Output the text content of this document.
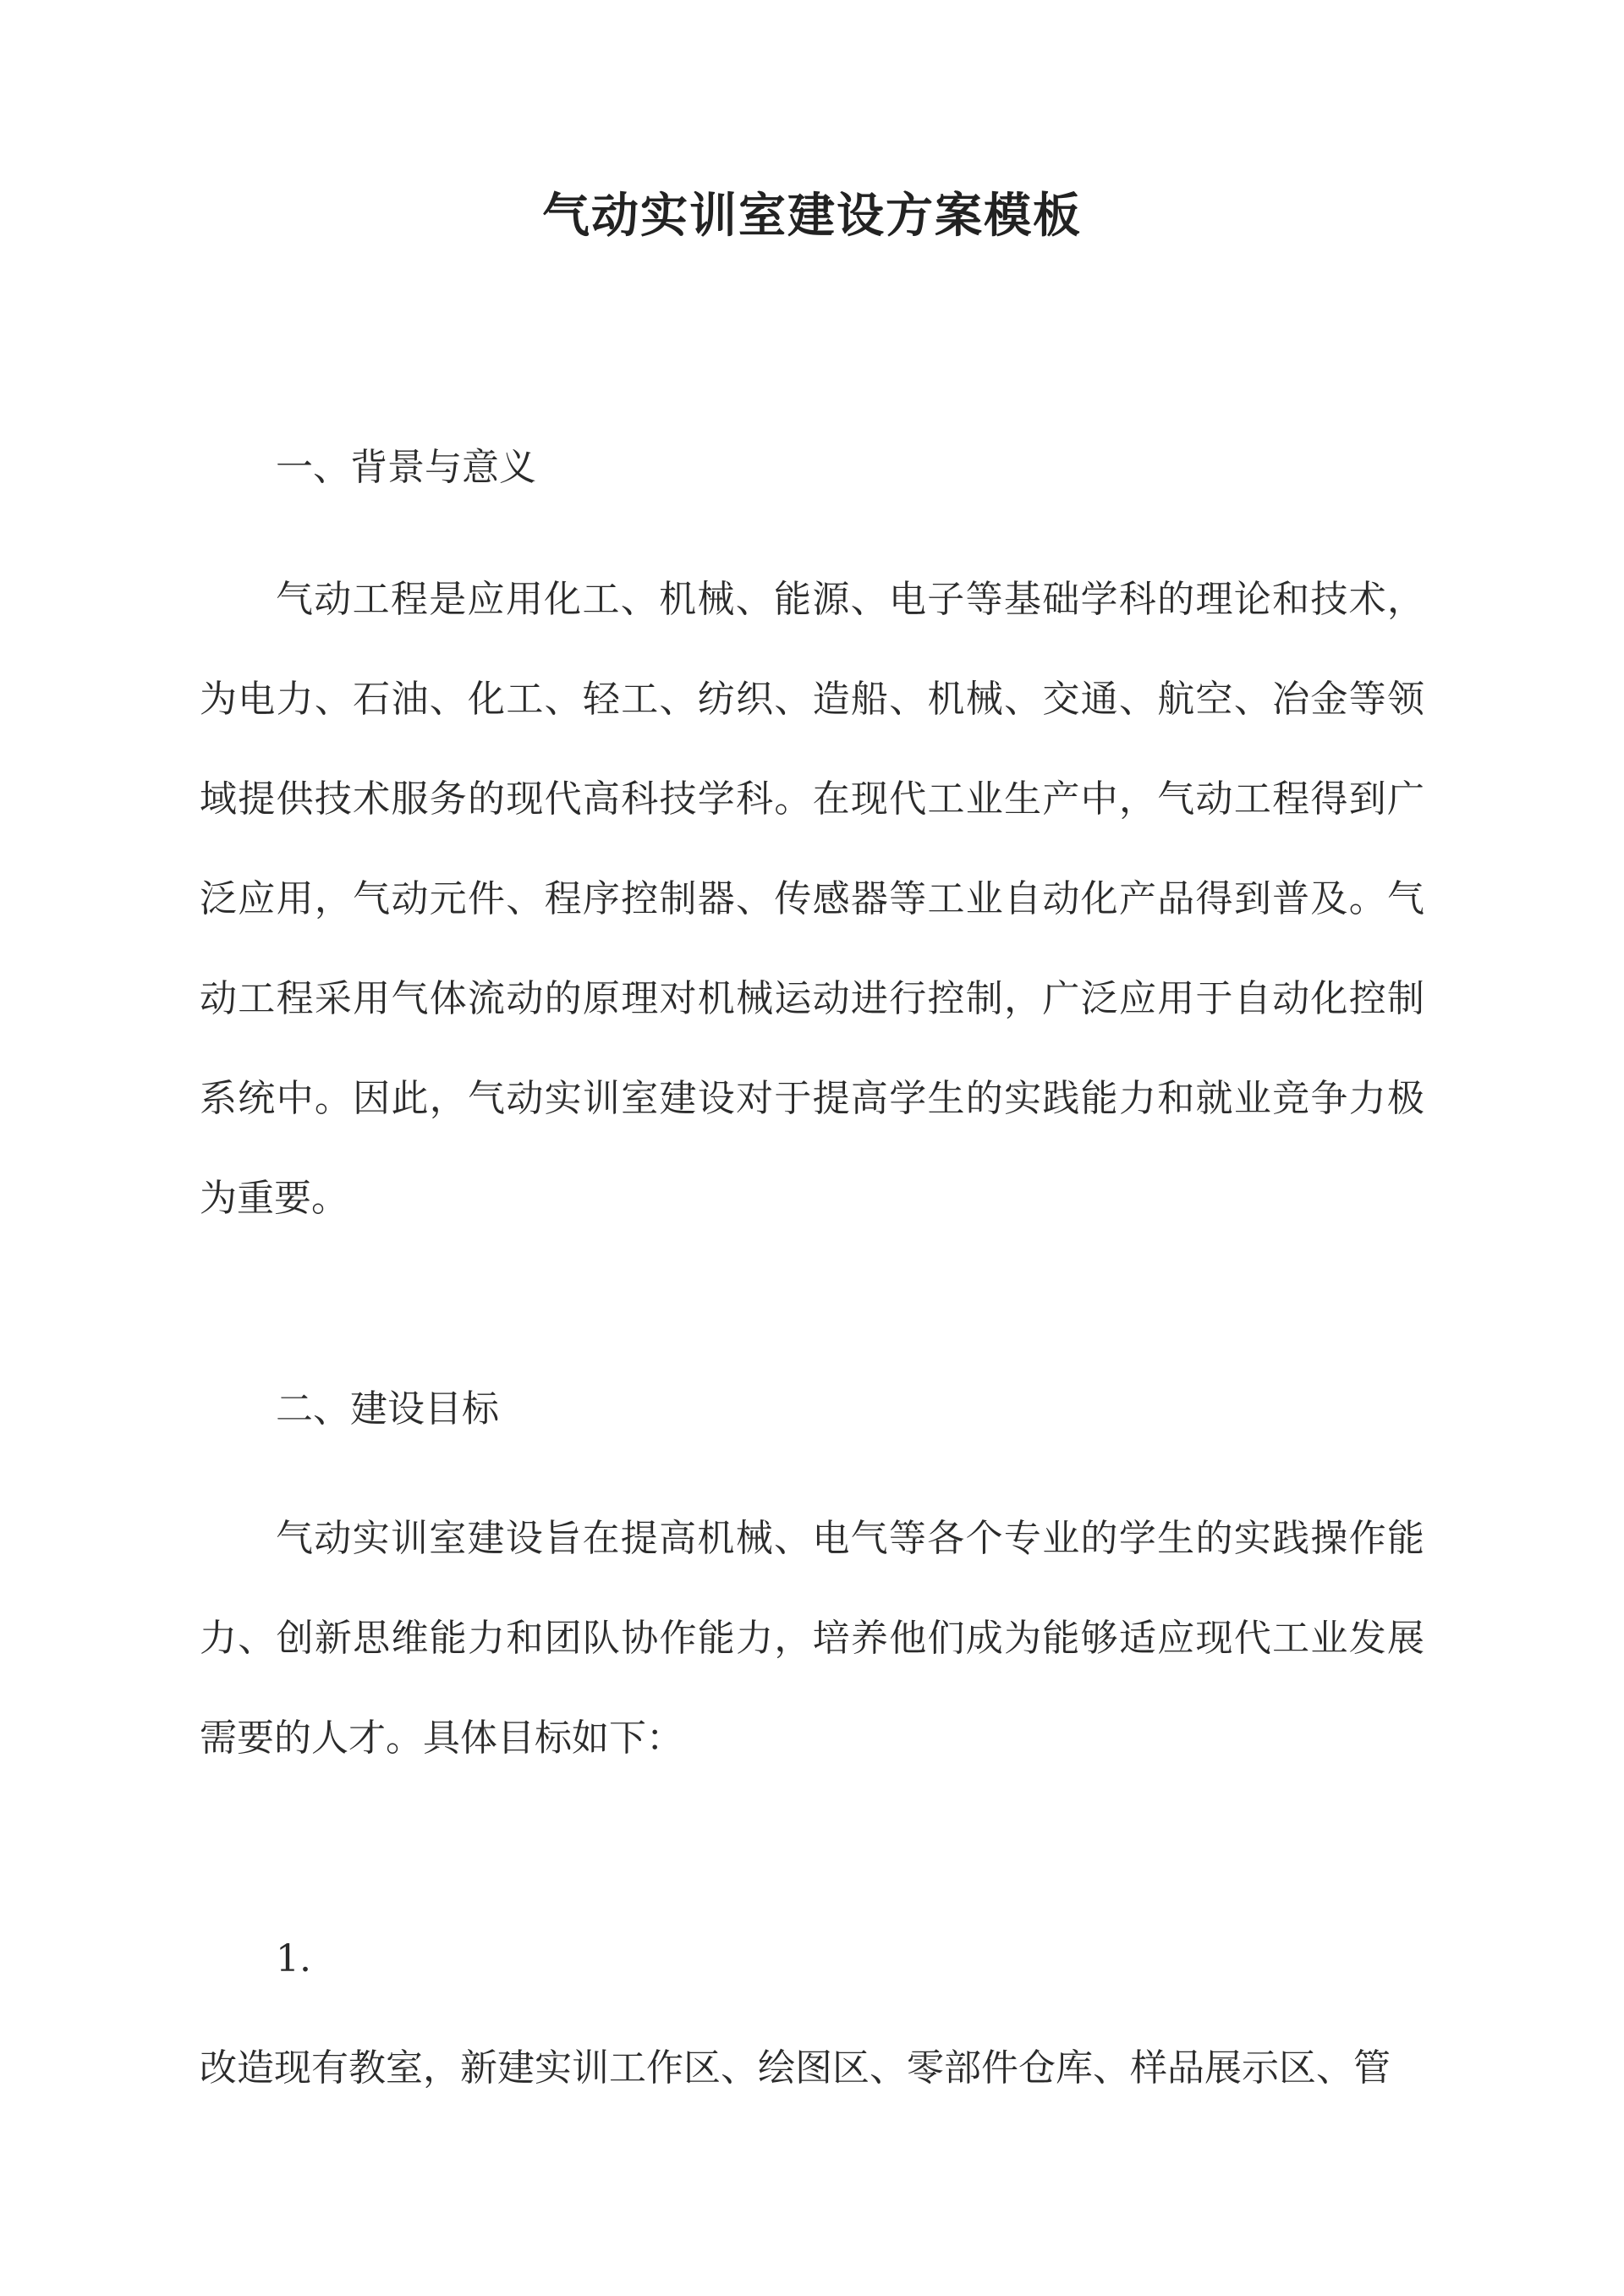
气动实训室建设方案模板
一、背景与意义
气动工程是应用化工、机械、能源、电子等基础学科的理论和技术，为电力、石油、化工、轻工、纺织、造船、机械、交通、航空、冶金等领域提供技术服务的现代高科技学科。在现代工业生产中，气动工程得到广泛应用，气动元件、程序控制器、传感器等工业自动化产品得到普及。气动工程采用气体流动的原理对机械运动进行控制，广泛应用于自动化控制系统中。因此，气动实训室建设对于提高学生的实践能力和就业竞争力极为重要。
二、建设目标
气动实训室建设旨在提高机械、电气等各个专业的学生的实践操作能力、创新思维能力和团队协作能力，培养他们成为能够适应现代工业发展需要的人才。具体目标如下：
1.
改造现有教室，新建实训工作区、绘图区、零部件仓库、样品展示区、管
